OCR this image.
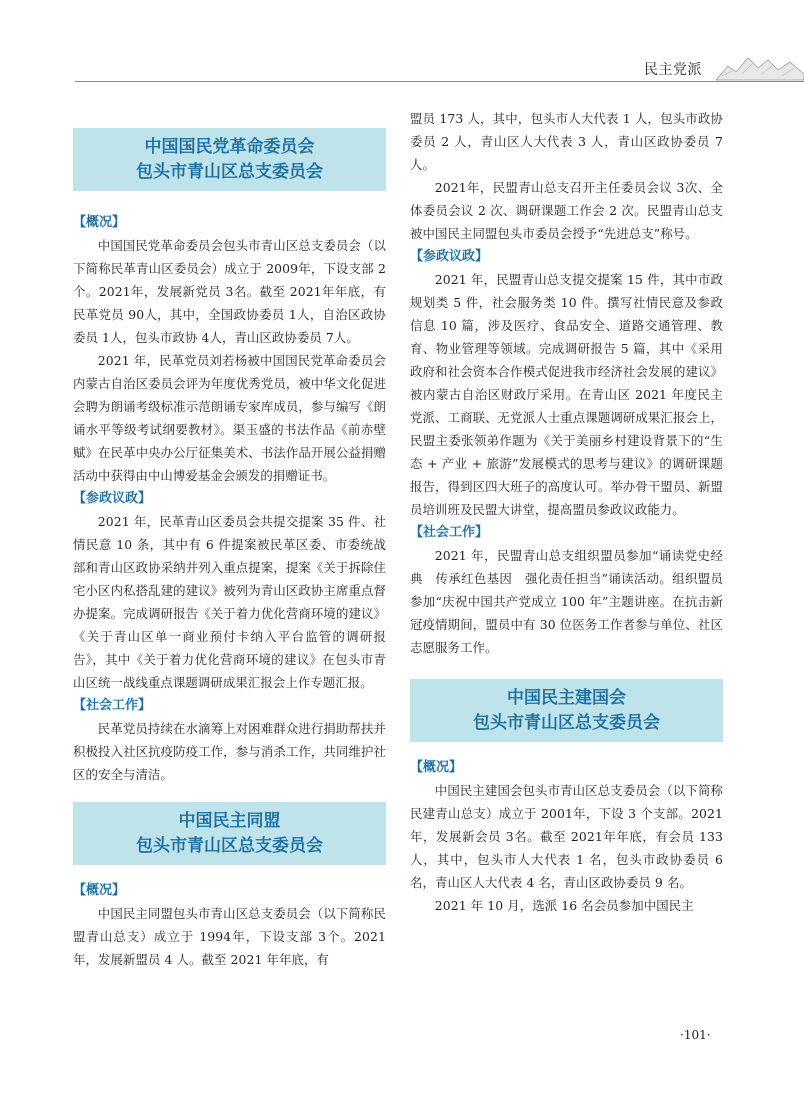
民主党派
中国国民党革命委员会
包头市青山区总支委员会
【概况】

中国国民党革命委员会包头市青山区总支委员会（以下简称民革青山区委员会）成立于 2009年，下设支部 2个。2021年，发展新党员 3名。截至 2021年年底，有民革党员 90人，其中，全国政协委员 1人，自治区政协委员 1人，包头市政协 4人，青山区政协委员 7人。

2021 年，民革党员刘若杨被中国国民党革命委员会内蒙古自治区委员会评为年度优秀党员，被中华文化促进会聘为朗诵考级标准示范朗诵专家库成员，参与编写《朗诵水平等级考试纲要教材》。渠玉盛的书法作品《前赤壁赋》在民革中央办公厅征集美术、书法作品开展公益捐赠活动中获得由中山博爱基金会颁发的捐赠证书。

【参政议政】

2021 年，民革青山区委员会共提交提案 35 件、社情民意 10 条，其中有 6 件提案被民革区委、市委统战部和青山区政协采纳并列入重点提案，提案《关于拆除住宅小区内私搭乱建的建议》被列为青山区政协主席重点督办提案。完成调研报告《关于着力优化营商环境的建议》《关于青山区单一商业预付卡纳入平台监管的调研报告》，其中《关于着力优化营商环境的建议》在包头市青山区统一战线重点课题调研成果汇报会上作专题汇报。

【社会工作】

民革党员持续在水滴筹上对困难群众进行捐助帮扶并积极投入社区抗疫防疫工作，参与消杀工作，共同维护社区的安全与清洁。

中国民主同盟
包头市青山区总支委员会
【概况】

中国民主同盟包头市青山区总支委员会（以下简称民盟青山总支）成立于 1994年，下设支部 3个。2021 年，发展新盟员 4 人。截至 2021 年年底，有

盟员 173 人，其中，包头市人大代表 1 人，包头市政协委员 2 人，青山区人大代表 3 人，青山区政协委员 7 人。

2021年，民盟青山总支召开主任委员会议 3次、全体委员会议 2 次、调研课题工作会 2 次。民盟青山总支被中国民主同盟包头市委员会授予“先进总支”称号。

【参政议政】

2021 年，民盟青山总支提交提案 15 件，其中市政规划类 5 件，社会服务类 10 件。撰写社情民意及参政信息 10 篇，涉及医疗、食品安全、道路交通管理、教育、物业管理等领域。完成调研报告 5 篇，其中《采用政府和社会资本合作模式促进我市经济社会发展的建议》被内蒙古自治区财政厅采用。在青山区 2021 年度民主党派、工商联、无党派人士重点课题调研成果汇报会上，民盟主委张领弟作题为《关于美丽乡村建设背景下的“生态 + 产业 + 旅游”发展模式的思考与建议》的调研课题报告，得到区四大班子的高度认可。举办骨干盟员、新盟员培训班及民盟大讲堂，提高盟员参政议政能力。

【社会工作】

2021 年，民盟青山总支组织盟员参加“诵读党史经典　传承红色基因　强化责任担当”诵读活动。组织盟员参加“庆祝中国共产党成立 100 年”主题讲座。在抗击新冠疫情期间，盟员中有 30 位医务工作者参与单位、社区志愿服务工作。

中国民主建国会
包头市青山区总支委员会
【概况】

中国民主建国会包头市青山区总支委员会（以下简称民建青山总支）成立于 2001年，下设 3 个支部。2021年，发展新会员 3名。截至 2021年年底，有会员 133 人，其中，包头市人大代表 1 名，包头市政协委员 6 名，青山区人大代表 4 名，青山区政协委员 9 名。

2021 年 10 月，选派 16 名会员参加中国民主

·101·
